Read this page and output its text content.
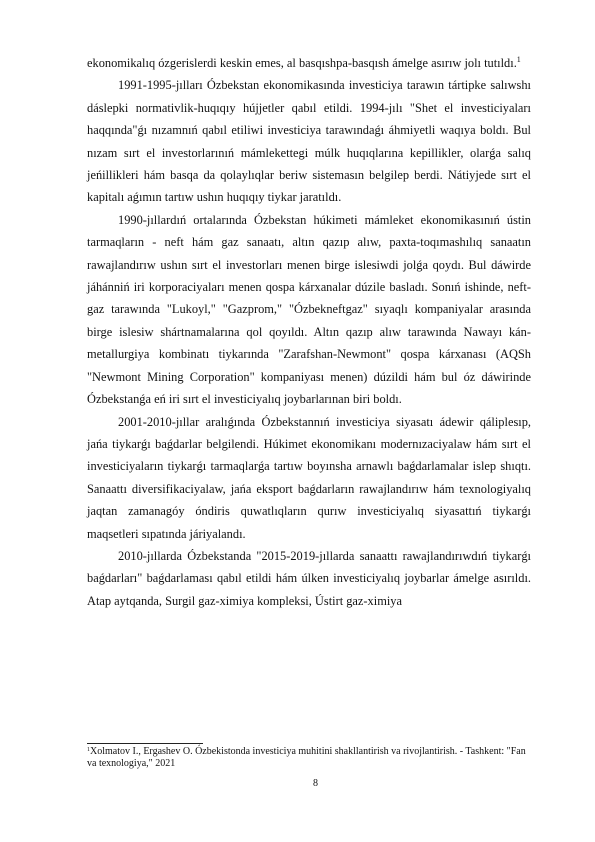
ekonomikalıq ózgerislerdi keskin emes, al basqıshpa-basqısh ámelge asırıw jolı tutıldı.$^1$

1991-1995-jılları Ózbekstan ekonomikasında investiciya tarawın tártipke salıwshı dáslepki normativlik-huqıqıy hújjetler qabıl etildi. 1994-jılı "Shet el investiciyaları haqqında"ǵı nızamnıń qabıl etiliwi investiciya tarawındaǵı áhmiyetli waqıya boldı. Bul nızam sırt el investorlarınıń mámlekettegi múlk huqıqlarına kepillikler, olarǵa salıq jeńillikleri hám basqa da qolaylıqlar beriw sistemasın belgilep berdi. Nátiyjede sırt el kapitalı aǵımın tartıw ushın huqıqıy tiykar jaratıldı.

1990-jıllardıń ortalarında Ózbekstan húkimeti mámleket ekonomikasınıń ústin tarmaqların - neft hám gaz sanaatı, altın qazıp alıw, paxta-toqımashılıq sanaatın rawajlandırıw ushın sırt el investorları menen birge islesiwdi jolǵa qoydı. Bul dáwirde jáhánniń iri korporaciyaları menen qospa kárxanalar dúzile basladı. Sonıń ishinde, neft-gaz tarawında "Lukoyl," "Gazprom," "Ózbekneftgaz" sıyaqlı kompaniyalar arasında birge islesiw shártnamalarına qol qoyıldı. Altın qazıp alıw tarawında Nawayı kán-metallurgiya kombinatı tiykarında "Zarafshan-Newmont" qospa kárxanası (AQSh "Newmont Mining Corporation" kompaniyası menen) dúzildi hám bul óz dáwirinde Ózbekstanǵa eń iri sırt el investiciyalıq joybarlarınan biri boldı.

2001-2010-jıllar aralıǵında Ózbekstannıń investiciya siyasatı ádewir qáliplesıp, jańa tiykarǵı baǵdarlar belgilendi. Húkimet ekonomikanı modernızaciyalaw hám sırt el investiciyaların tiykarǵı tarmaqlarǵa tartıw boyınsha arnawlı baǵdarlamalar islep shıqtı. Sanaattı diversifikaciyalaw, jańa eksport baǵdarların rawajlandırıw hám texnologiyalıq jaqtan zamanagóy óndiris quwatlıqların qurıw investiciyalıq siyasattıń tiykarǵı maqsetleri sıpatında járiyalandı.

2010-jıllarda Ózbekstanda "2015-2019-jıllarda sanaattı rawajlandırıwdıń tiykarǵı baǵdarları" baǵdarlaması qabıl etildi hám úlken investiciyalıq joybarlar ámelge asırıldı. Atap aytqanda, Surgil gaz-ximiya kompleksi, Ústirt gaz-ximiya

$^1$Xolmatov I., Ergashev O. Ózbekistonda investiciya muhitini shakllantirish va rivojlantirish. - Tashkent: "Fan va texnologiya," 2021
8
